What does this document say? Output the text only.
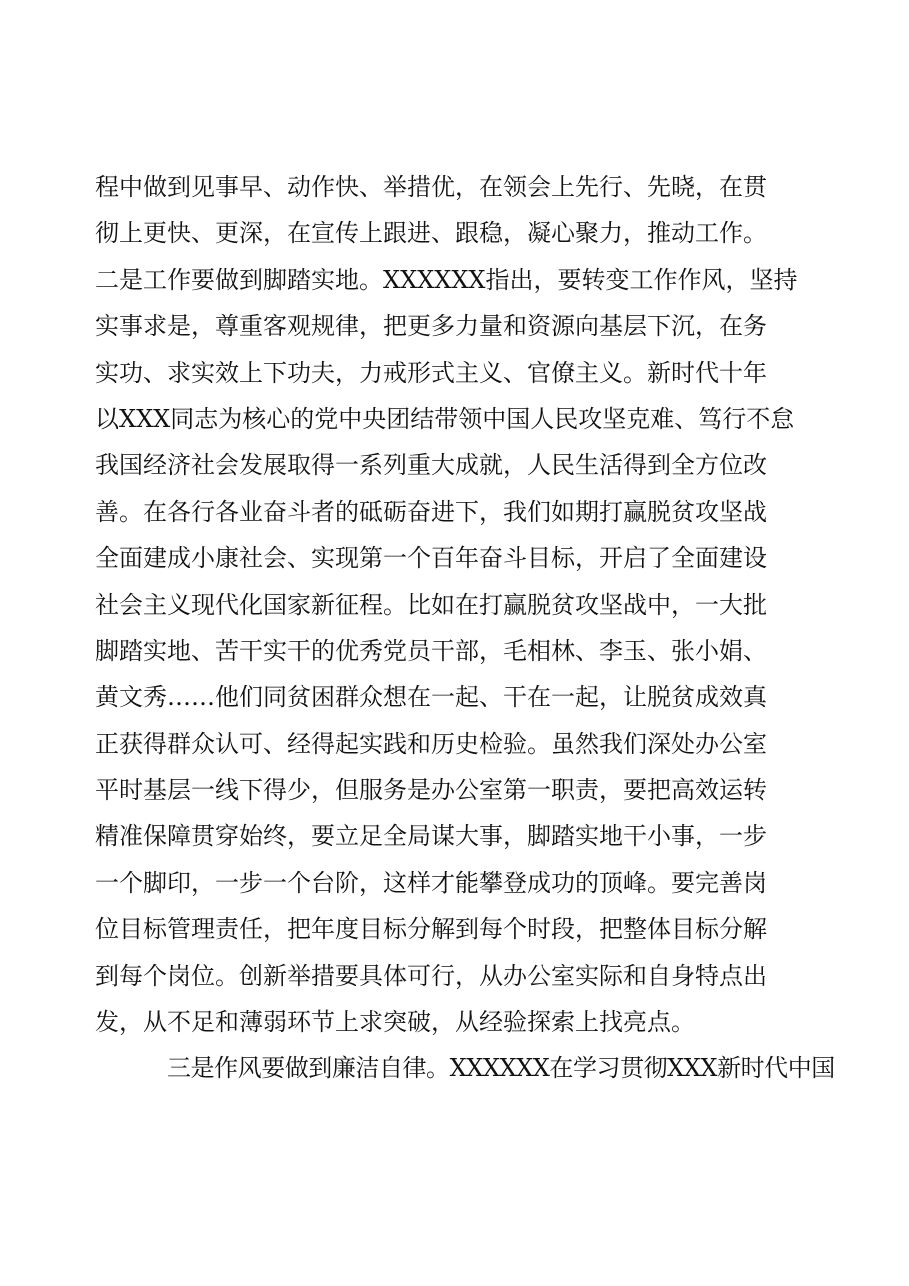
程中做到见事早、动作快、举措优，在领会上先行、先晓，在贯
彻上更快、更深，在宣传上跟进、跟稳，凝心聚力，推动工作。
二是工作要做到脚踏实地。XXXXXX指出，要转变工作作风，坚持
实事求是，尊重客观规律，把更多力量和资源向基层下沉，在务
实功、求实效上下功夫，力戒形式主义、官僚主义。新时代十年
以XXX同志为核心的党中央团结带领中国人民攻坚克难、笃行不怠
我国经济社会发展取得一系列重大成就，人民生活得到全方位改
善。在各行各业奋斗者的砥砺奋进下，我们如期打赢脱贫攻坚战
全面建成小康社会、实现第一个百年奋斗目标，开启了全面建设
社会主义现代化国家新征程。比如在打赢脱贫攻坚战中，一大批
脚踏实地、苦干实干的优秀党员干部，毛相林、李玉、张小娟、
黄文秀……他们同贫困群众想在一起、干在一起，让脱贫成效真
正获得群众认可、经得起实践和历史检验。虽然我们深处办公室
平时基层一线下得少，但服务是办公室第一职责，要把高效运转
精准保障贯穿始终，要立足全局谋大事，脚踏实地干小事，一步
一个脚印，一步一个台阶，这样才能攀登成功的顶峰。要完善岗
位目标管理责任，把年度目标分解到每个时段，把整体目标分解
到每个岗位。创新举措要具体可行，从办公室实际和自身特点出
发，从不足和薄弱环节上求突破，从经验探索上找亮点。
三是作风要做到廉洁自律。XXXXXX在学习贯彻XXX新时代中国
